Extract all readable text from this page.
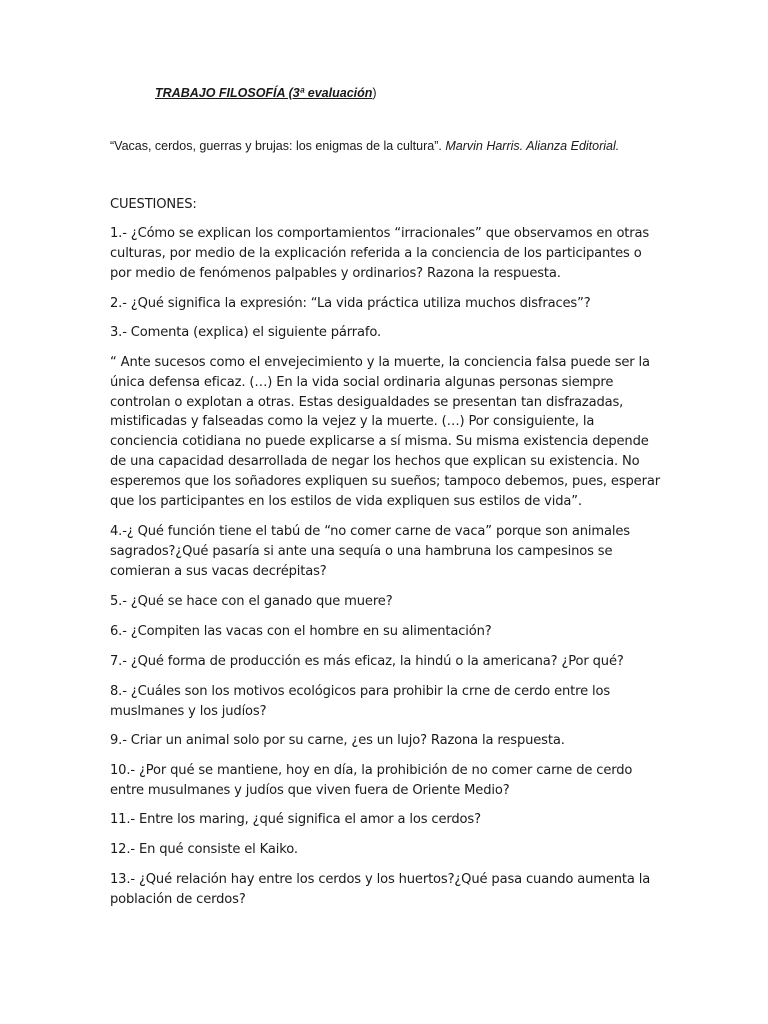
TRABAJO FILOSOFÍA (3ª evaluación)
“Vacas, cerdos, guerras y brujas: los enigmas de la cultura”. Marvin Harris. Alianza Editorial.
CUESTIONES:
1.- ¿Cómo se explican los comportamientos “irracionales” que observamos en otras culturas, por medio de la explicación referida a la conciencia de los participantes o por medio de fenómenos palpables y ordinarios? Razona la respuesta.
2.- ¿Qué significa la expresión: “La vida práctica utiliza muchos disfraces”?
3.- Comenta (explica) el siguiente párrafo.
“ Ante sucesos como el envejecimiento y la muerte, la conciencia falsa puede ser la única defensa eficaz. (…) En la vida social ordinaria algunas personas siempre controlan o explotan a otras. Estas desigualdades se presentan tan disfrazadas, mistificadas y falseadas como la vejez y la muerte. (…) Por consiguiente, la conciencia cotidiana no puede explicarse a sí misma. Su misma existencia depende de una capacidad desarrollada de negar los hechos que explican su existencia. No esperemos que los soñadores expliquen su sueños; tampoco debemos, pues, esperar que los participantes en los estilos de vida expliquen sus estilos de vida”.
4.-¿ Qué función tiene el tabú de “no comer carne de vaca” porque son animales sagrados?¿Qué pasaría si ante una sequía o una hambruna los campesinos se comieran a sus vacas decrépitas?
5.- ¿Qué se hace con el ganado que muere?
6.- ¿Compiten las vacas con el hombre en su alimentación?
7.- ¿Qué forma de producción es más eficaz, la hindú o la americana? ¿Por qué?
8.- ¿Cuáles son los motivos ecológicos para prohibir la crne de cerdo entre los muslmanes y los judíos?
9.- Criar un animal solo por su carne, ¿es un lujo? Razona la respuesta.
10.- ¿Por qué se mantiene, hoy en día, la prohibición de no comer carne de cerdo entre musulmanes y judíos que viven fuera de Oriente Medio?
11.- Entre los maring, ¿qué significa el amor a los cerdos?
12.- En qué consiste el Kaiko.
13.- ¿Qué relación hay entre los cerdos y los huertos?¿Qué pasa cuando aumenta la población de cerdos?
